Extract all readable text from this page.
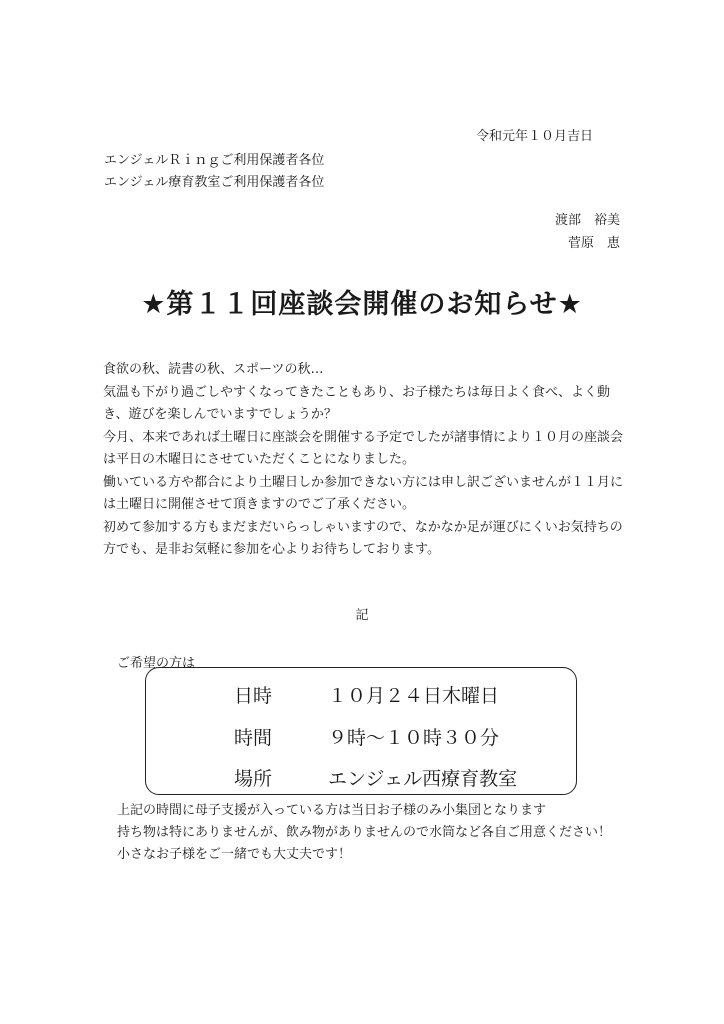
令和元年１０月吉日
エンジェルＲｉｎｇご利用保護者各位
エンジェル療育教室ご利用保護者各位
渡部　裕美
菅原　恵
★第１１回座談会開催のお知らせ★
食欲の秋、読書の秋、スポーツの秋…
気温も下がり過ごしやすくなってきたこともあり、お子様たちは毎日よく食べ、よく動
き、遊びを楽しんでいますでしょうか？
今月、本来であれば土曜日に座談会を開催する予定でしたが諸事情により１０月の座談会
は平日の木曜日にさせていただくことになりました。
働いている方や都合により土曜日しか参加できない方には申し訳ございませんが１１月に
は土曜日に開催させて頂きますのでご了承ください。
初めて参加する方もまだまだいらっしゃいますので、なかなか足が運びにくいお気持ちの
方でも、是非お気軽に参加を心よりお待ちしております。
記
ご希望の方は
日時	１０月２４日木曜日
時間	９時～１０時３０分
場所	エンジェル西療育教室
上記の時間に母子支援が入っている方は当日お子様のみ小集団となります
持ち物は特にありませんが、飲み物がありませんので水筒など各自ご用意ください！
小さなお子様をご一緒でも大丈夫です！
